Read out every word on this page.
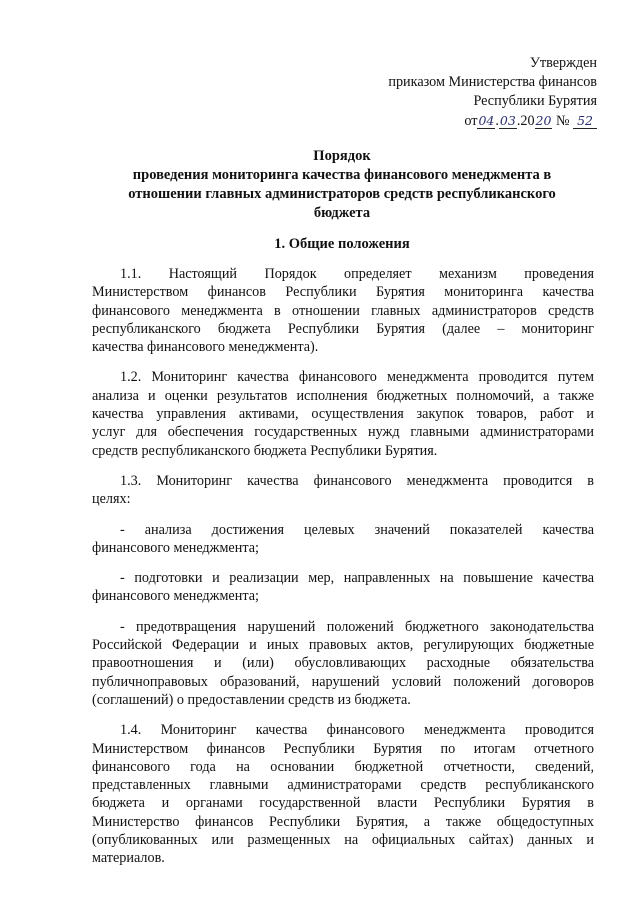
Утвержден
приказом Министерства финансов
Республики Бурятия
от04.03.2020 № 52
Порядок
проведения мониторинга качества финансового менеджмента в
отношении главных администраторов средств республиканского
бюджета
1. Общие положения

1.1. Настоящий Порядок определяет механизм проведения
Министерством финансов Республики Бурятия мониторинга качества
финансового менеджмента в отношении главных администраторов средств
республиканского бюджета Республики Бурятия (далее – мониторинг
качества финансового менеджмента).

1.2. Мониторинг качества финансового менеджмента проводится путем
анализа и оценки результатов исполнения бюджетных полномочий, а также
качества управления активами, осуществления закупок товаров, работ и
услуг для обеспечения государственных нужд главными администраторами
средств республиканского бюджета Республики Бурятия.

1.3. Мониторинг качества финансового менеджмента проводится в
целях:

- анализа достижения целевых значений показателей качества
финансового менеджмента;

- подготовки и реализации мер, направленных на повышение качества
финансового менеджмента;

- предотвращения нарушений положений бюджетного законодательства
Российской Федерации и иных правовых актов, регулирующих бюджетные
правоотношения и (или) обусловливающих расходные обязательства
публичноправовых образований, нарушений условий положений договоров
(соглашений) о предоставлении средств из бюджета.

1.4. Мониторинг качества финансового менеджмента проводится
Министерством финансов Республики Бурятия по итогам отчетного
финансового года на основании бюджетной отчетности, сведений,
представленных главными администраторами средств республиканского
бюджета и органами государственной власти Республики Бурятия в
Министерство финансов Республики Бурятия, а также общедоступных
(опубликованных или размещенных на официальных сайтах) данных и
материалов.
